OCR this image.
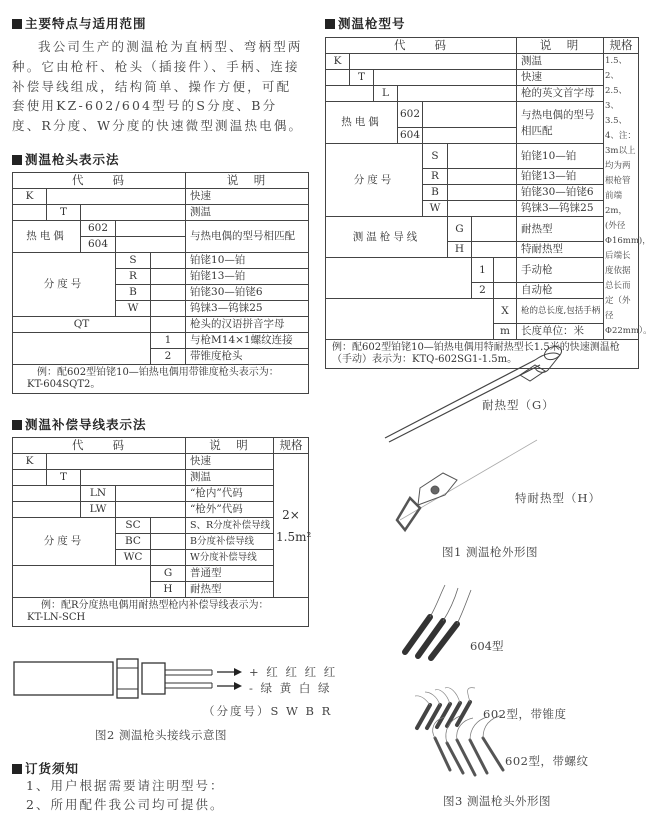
主要特点与适用范围
我公司生产的测温枪为直柄型、弯柄型两种。它由枪杆、枪头（插接件）、手柄、连接补偿导线组成，结构简单、操作方便，可配套使用KZ-602/604型号的S分度、B分度、R分度、W分度的快速微型测温热电偶。
测温枪头表示法
代　　码					说　明
K					快速
	T				测温
热电偶		602			与热电偶的型号相匹配
		604			
分度号			S		铂铑10—铂
			R		铂铑13—铂
			B		铂铑30—铂铑6
			W		钨铼3—钨铼25
QT					枪头的汉语拼音字母
				1	与枪M14×1螺纹连接
				2	带锥度枪头

例：配602型铂铑10—铂热电偶用带锥度枪头表示为：
KT-604SQT2。					
测温补偿导线表示法
代　　码					说　明	规格
K					快速	2×
1.5m²

	T				测温	
		LN			“枪内”代码	
		LW			“枪外”代码	
分度号			SC		S、R分度补偿导线	
			BC		B分度补偿导线	
			WC		W分度补偿导线	
				G	普通型	
				H	耐热型	

例：配R分度热电偶用耐热型枪内补偿导线表示为：
KT-LN-SCH						
+ 红 红 红 红
- 绿 黄 白 绿
（分度号）S W B R
图2 测温枪头接线示意图
订货须知
1、用户根据需要请注明型号：
2、所用配件我公司均可提供。
测温枪型号
代　　码								说　明	规格
K								测温	1.5、2、2.5、3、3.5、4、注：3m以上均为两根枪管前端2m，(外径Φ16mm)，后端长度依据总长而定（外径Φ22mm）。
	T							快速	
		L						枪的英文首字母	
热电偶			602					与热电偶的型号相匹配	
			604						
分度号				S				铂铑10—铂	
				R				铂铑13—铂	
				B				铂铑30—铂铑6	
				W				钨铼3—钨铼25	
测温枪导线					G			耐热型	
					H			特耐热型	
						1		手动枪	
						2		自动枪	
							X	枪的总长度,包括手柄	
							m	长度单位：米	

例：配602型铂铑10—铂热电偶用特耐热型长1.5米的快速测温枪
（手动）表示为：KTQ-602SG1-1.5m。									
耐热型（G）
特耐热型（H）
图1 测温枪外形图
604型
602型，带锥度
602型，带螺纹
图3 测温枪头外形图
